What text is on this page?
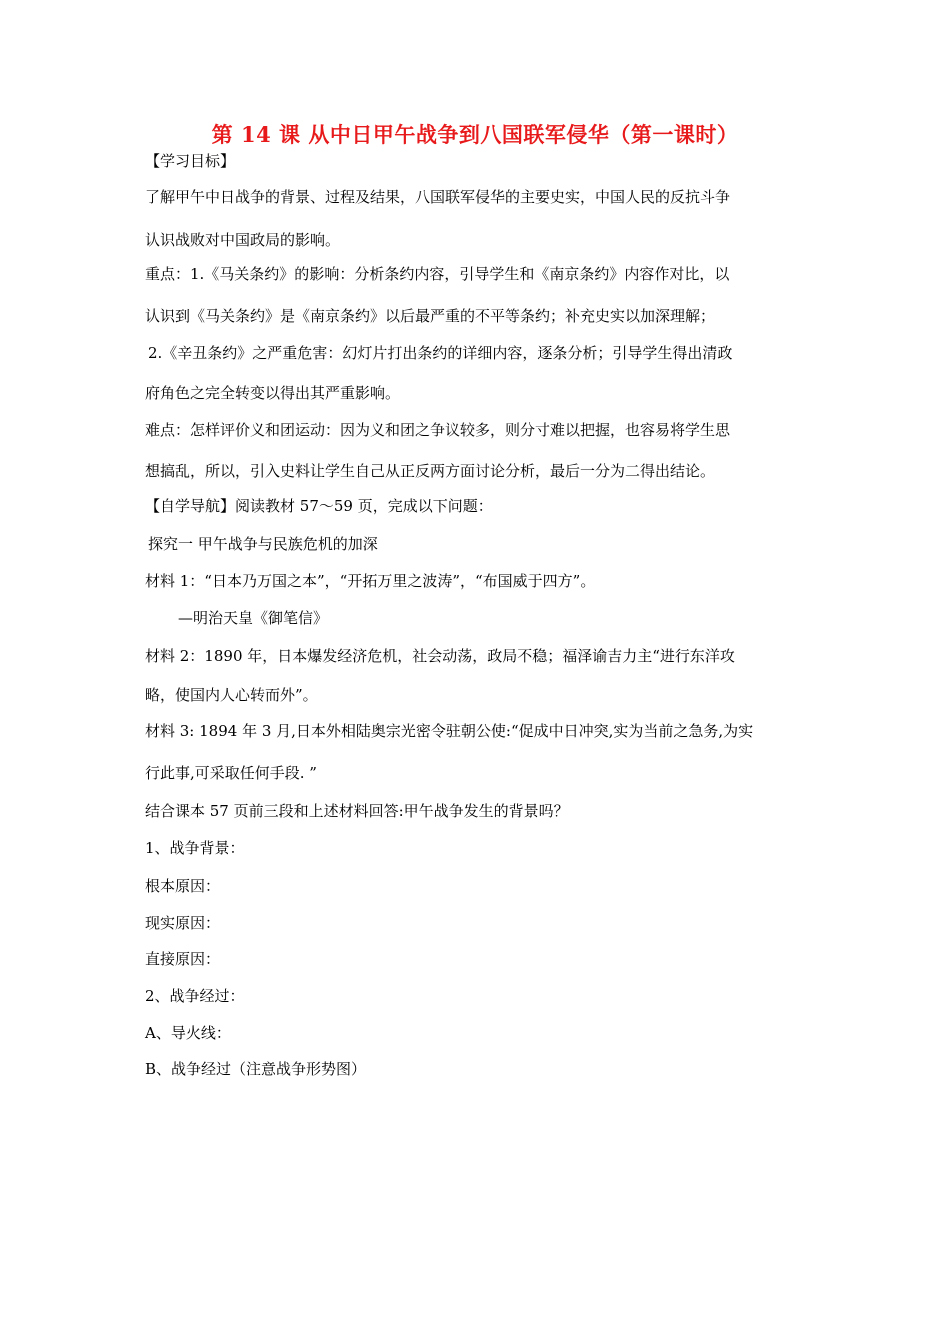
第 14 课 从中日甲午战争到八国联军侵华（第一课时）
【学习目标】
了解甲午中日战争的背景、过程及结果，八国联军侵华的主要史实，中国人民的反抗斗争
认识战败对中国政局的影响。
重点：1.《马关条约》的影响：分析条约内容，引导学生和《南京条约》内容作对比，以
认识到《马关条约》是《南京条约》以后最严重的不平等条约；补充史实以加深理解；
2.《辛丑条约》之严重危害：幻灯片打出条约的详细内容，逐条分析；引导学生得出清政
府角色之完全转变以得出其严重影响。
难点：怎样评价义和团运动：因为义和团之争议较多，则分寸难以把握，也容易将学生思
想搞乱，所以，引入史料让学生自己从正反两方面讨论分析，最后一分为二得出结论。
【自学导航】阅读教材 57～59 页，完成以下问题：
探究一 甲午战争与民族危机的加深
材料 1：“日本乃万国之本”，“开拓万里之波涛”，“布国威于四方”。
—明治天皇《御笔信》
材料 2：1890 年，日本爆发经济危机，社会动荡，政局不稳；福泽谕吉力主“进行东洋攻
略，使国内人心转而外”。
材料 3: 1894 年 3 月,日本外相陆奥宗光密令驻朝公使:“促成中日冲突,实为当前之急务,为实
行此事,可采取任何手段. ”
结合课本 57 页前三段和上述材料回答:甲午战争发生的背景吗？
1、战争背景：
根本原因：
现实原因：
直接原因：
2、战争经过：
A、导火线：
B、战争经过（注意战争形势图）
